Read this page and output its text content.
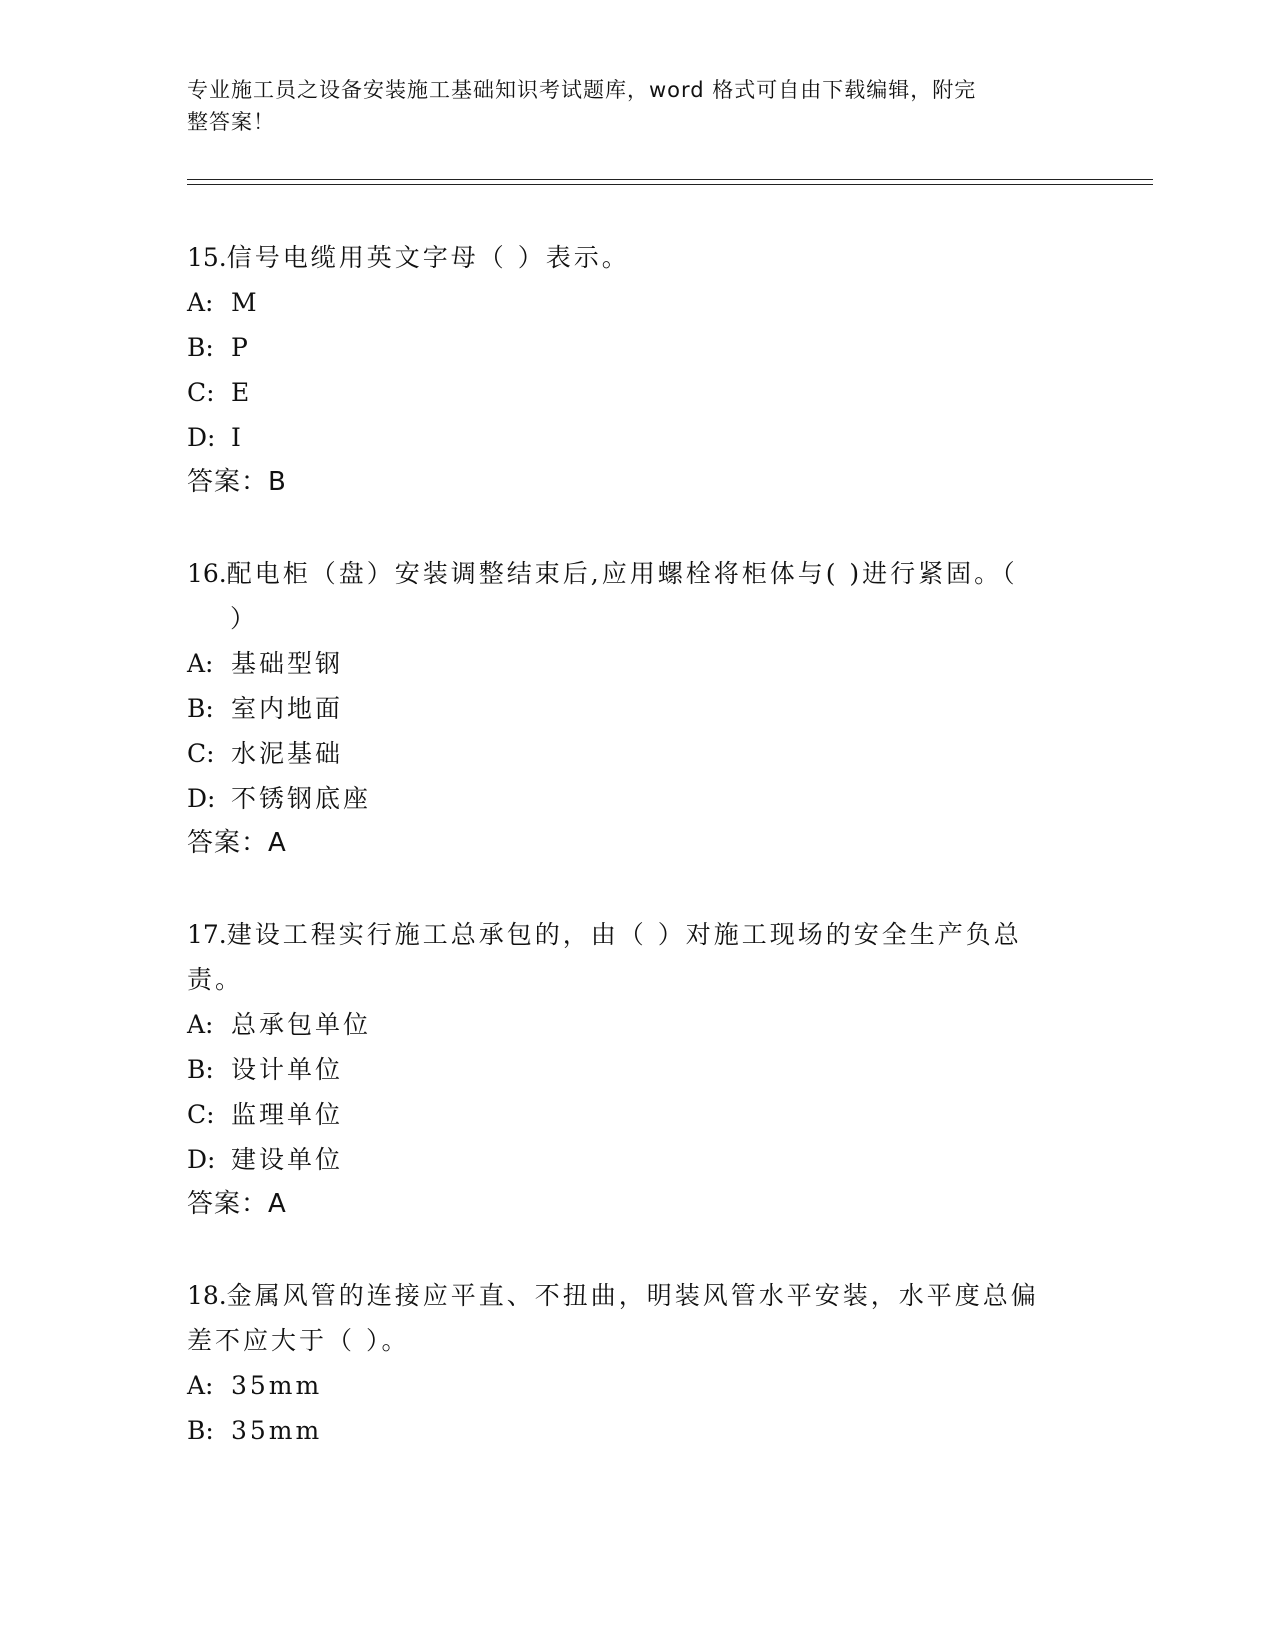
专业施工员之设备安装施工基础知识考试题库，word 格式可自由下载编辑，附完
整答案！
15.信号电缆用英文字母（ ）表示。
A: M
B: P
C: E
D: I
答案：B
16.配电柜（盘）安装调整结束后,应用螺栓将柜体与( )进行紧固。（
）
A: 基础型钢
B: 室内地面
C: 水泥基础
D: 不锈钢底座
答案：A
17.建设工程实行施工总承包的，由（ ）对施工现场的安全生产负总
责。
A: 总承包单位
B: 设计单位
C: 监理单位
D: 建设单位
答案：A
18.金属风管的连接应平直、不扭曲，明装风管水平安装，水平度总偏
差不应大于（ ）。
A: 35mm
B: 35mm
